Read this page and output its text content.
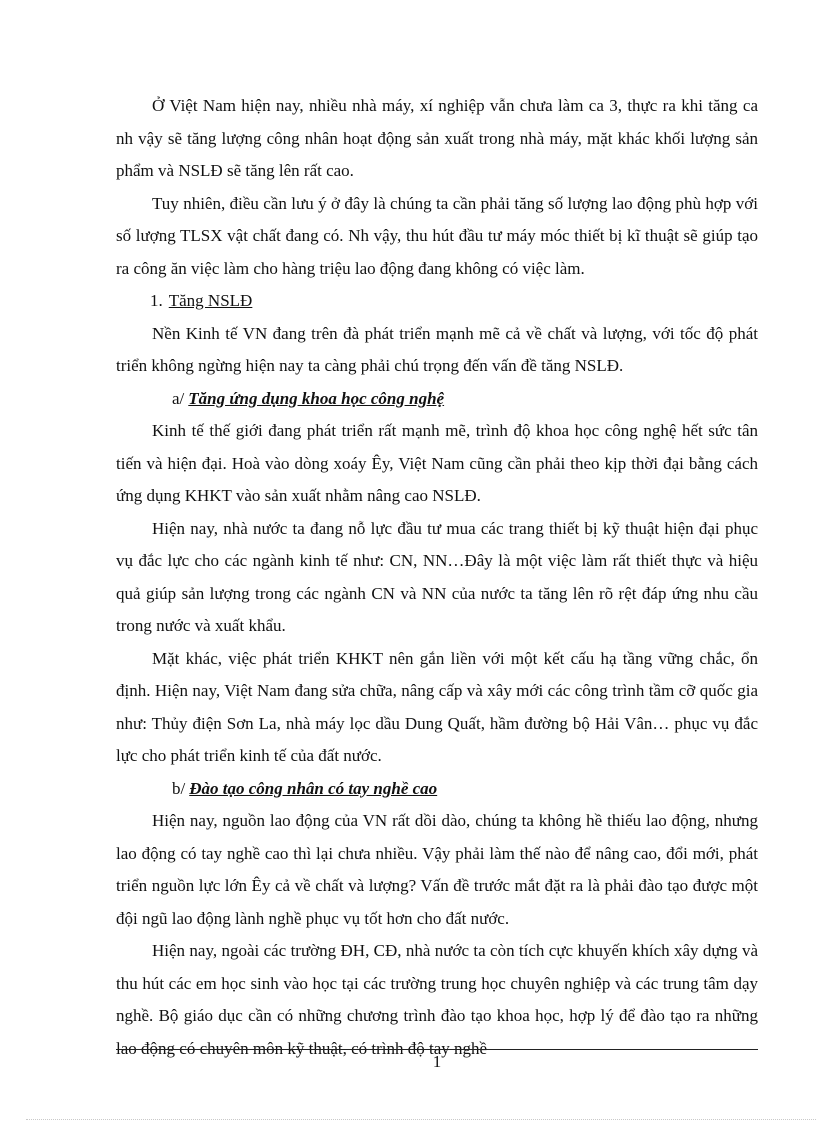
Ở Việt Nam hiện nay, nhiều nhà máy, xí nghiệp vẫn chưa làm ca 3, thực ra khi tăng ca nh vậy sẽ tăng lượng công nhân hoạt động sản xuất trong nhà máy, mặt khác khối lượng sản phẩm và NSLĐ sẽ tăng lên rất cao.

Tuy nhiên, điều cần lưu ý ở đây là chúng ta cần phải tăng số lượng lao động phù hợp với số lượng TLSX vật chất đang có. Nh vậy, thu hút đầu tư máy móc thiết bị kĩ thuật sẽ giúp tạo ra công ăn việc làm cho hàng triệu lao động đang không có việc làm.

1. Tăng NSLĐ

Nền Kinh tế VN đang trên đà phát triển mạnh mẽ cả về chất và lượng, với tốc độ phát triển không ngừng hiện nay ta càng phải chú trọng đến vấn đề tăng NSLĐ.

a/ Tăng ứng dụng khoa học công nghệ

Kinh tế thế giới đang phát triển rất mạnh mẽ, trình độ khoa học công nghệ hết sức tân tiến và hiện đại. Hoà vào dòng xoáy Êy, Việt Nam cũng cần phải theo kịp thời đại bằng cách ứng dụng KHKT vào sản xuất nhằm nâng cao NSLĐ.

Hiện nay, nhà nước ta đang nỗ lực đầu tư mua các trang thiết bị kỹ thuật hiện đại phục vụ đắc lực cho các ngành kinh tế như: CN, NN…Đây là một việc làm rất thiết thực và hiệu quả giúp sản lượng trong các ngành CN và NN của nước ta tăng lên rõ rệt đáp ứng nhu cầu trong nước và xuất khẩu.

Mặt khác, việc phát triển KHKT nên gắn liền với một kết cấu hạ tầng vững chắc, ổn định. Hiện nay, Việt Nam đang sửa chữa, nâng cấp và xây mới các công trình tầm cỡ quốc gia như: Thủy điện Sơn La, nhà máy lọc dầu Dung Quất, hầm đường bộ Hải Vân… phục vụ đắc lực cho phát triển kinh tế của đất nước.

b/ Đào tạo công nhân có tay nghề cao

Hiện nay, nguồn lao động của VN rất dồi dào, chúng ta không hề thiếu lao động, nhưng lao động có tay nghề cao thì lại chưa nhiều. Vậy phải làm thế nào để nâng cao, đổi mới, phát triển nguồn lực lớn Êy cả về chất và lượng? Vấn đề trước mắt đặt ra là phải đào tạo được một đội ngũ lao động lành nghề phục vụ tốt hơn cho đất nước.

Hiện nay, ngoài các trường ĐH, CĐ, nhà nước ta còn tích cực khuyến khích xây dựng và thu hút các em học sinh vào học tại các trường trung học chuyên nghiệp và các trung tâm dạy nghề. Bộ giáo dục cần có những chương trình đào tạo khoa học, hợp lý để đào tạo ra những lao động có chuyên môn kỹ thuật, có trình độ tay nghề

1
